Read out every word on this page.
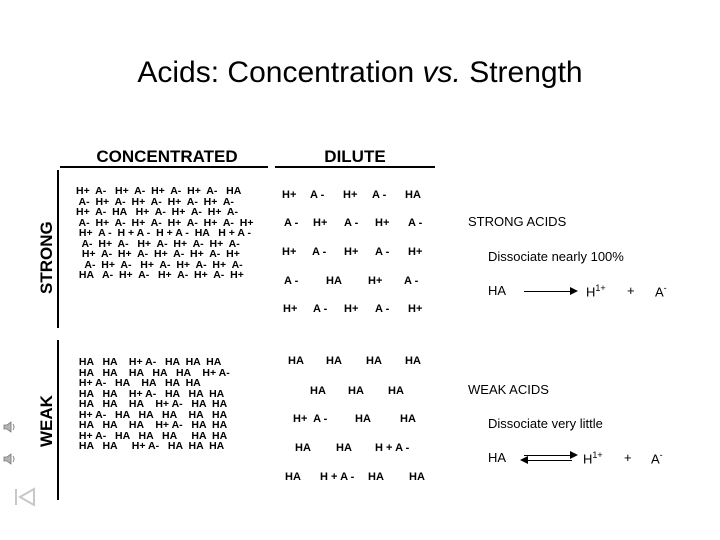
Acids: Concentration vs. Strength
CONCENTRATED	DILUTE
STRONG
WEAK
H+  A-   H+  A-  H+  A-  H+  A-   HA
A-  H+  A-  H+  A-  H+  A-  H+  A-
H+  A-  HA   H+  A-  H+  A-  H+  A-
A-  H+  A-  H+  A-  H+  A-  H+  A-  H+
H+  A -  H + A -  H + A -  HA   H + A -
A-  H+  A-   H+  A-  H+  A-  H+  A-
H+  A-  H+  A-  H+  A-  H+  A-  H+
A-  H+  A-   H+  A-  H+  A-  H+  A-
HA   A-  H+  A-   H+  A-  H+  A-  H+
HA   HA    H+ A-   HA  HA  HA
HA   HA    HA   HA   HA    H+ A-
H+ A-   HA    HA   HA  HA
HA   HA    H+ A-   HA   HA  HA
HA   HA    HA    H+ A-   HA  HA
H+ A-   HA   HA   HA    HA   HA
HA   HA    HA    H+ A-   HA  HA
H+ A-   HA   HA   HA     HA  HA
HA   HA     H+ A-   HA  HA  HA
H+ A - H+ A - HA
A - H+ A - H+ A -
H+ A - H+ A - H+
A -	HA H+ A -
H+ A - H+ A - H+
HA HA HA HA
HA HA HA
H+  A -	HA	HA
HA HA H + A -
HA H + A - HA HA
STRONG ACIDS
Dissociate nearly 100%
HA	$H^{1+} + A^-$
WEAK ACIDS
Dissociate very little
HA	$H^{1+} + A^-$
